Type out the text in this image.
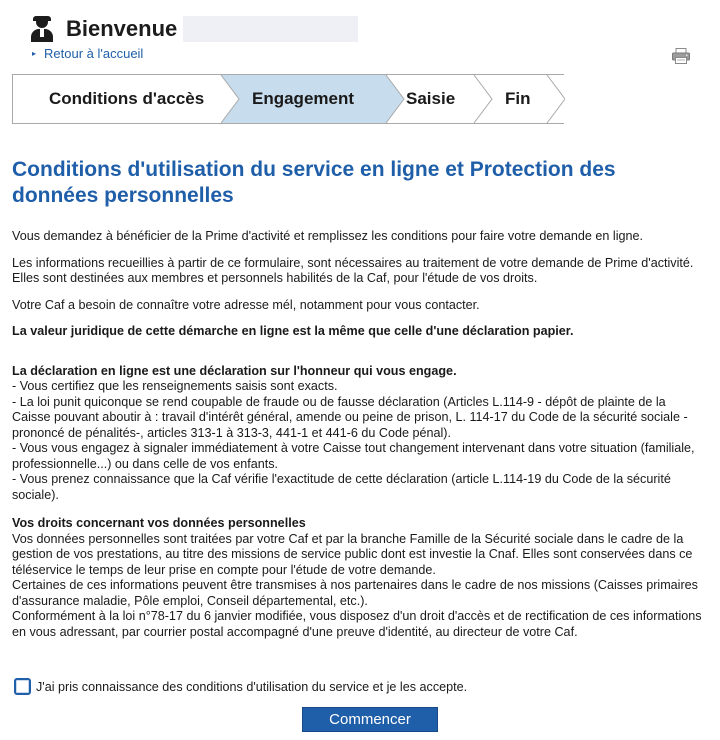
Bienvenue
▸ Retour à l'accueil
Conditions d'accès	Engagement	Saisie	Fin
Conditions d'utilisation du service en ligne et Protection des
données personnelles

Vous demandez à bénéficier de la Prime d'activité et remplissez les conditions pour faire votre demande en ligne.

Les informations recueillies à partir de ce formulaire, sont nécessaires au traitement de votre demande de Prime d'activité. Elles sont destinées aux membres et personnels habilités de la Caf, pour l'étude de vos droits.

Votre Caf a besoin de connaître votre adresse mél, notamment pour vous contacter.

La valeur juridique de cette démarche en ligne est la même que celle d'une déclaration papier.

La déclaration en ligne est une déclaration sur l'honneur qui vous engage.
- Vous certifiez que les renseignements saisis sont exacts.
- La loi punit quiconque se rend coupable de fraude ou de fausse déclaration (Articles L.114-9 - dépôt de plainte de la Caisse pouvant aboutir à : travail d'intérêt général, amende ou peine de prison, L. 114-17 du Code de la sécurité sociale - prononcé de pénalités-, articles 313-1 à 313-3, 441-1 et 441-6 du Code pénal).
- Vous vous engagez à signaler immédiatement à votre Caisse tout changement intervenant dans votre situation (familiale, professionnelle...) ou dans celle de vos enfants.
- Vous prenez connaissance que la Caf vérifie l'exactitude de cette déclaration (article L.114-19 du Code de la sécurité sociale).
Vos droits concernant vos données personnelles
Vos données personnelles sont traitées par votre Caf et par la branche Famille de la Sécurité sociale dans le cadre de la gestion de vos prestations, au titre des missions de service public dont est investie la Cnaf. Elles sont conservées dans ce téléservice le temps de leur prise en compte pour l'étude de votre demande.
Certaines de ces informations peuvent être transmises à nos partenaires dans le cadre de nos missions (Caisses primaires d'assurance maladie, Pôle emploi, Conseil départemental, etc.).
Conformément à la loi n°78-17 du 6 janvier modifiée, vous disposez d'un droit d'accès et de rectification de ces informations en vous adressant, par courrier postal accompagné d'une preuve d'identité, au directeur de votre Caf.
J'ai pris connaissance des conditions d'utilisation du service et je les accepte.
Commencer
